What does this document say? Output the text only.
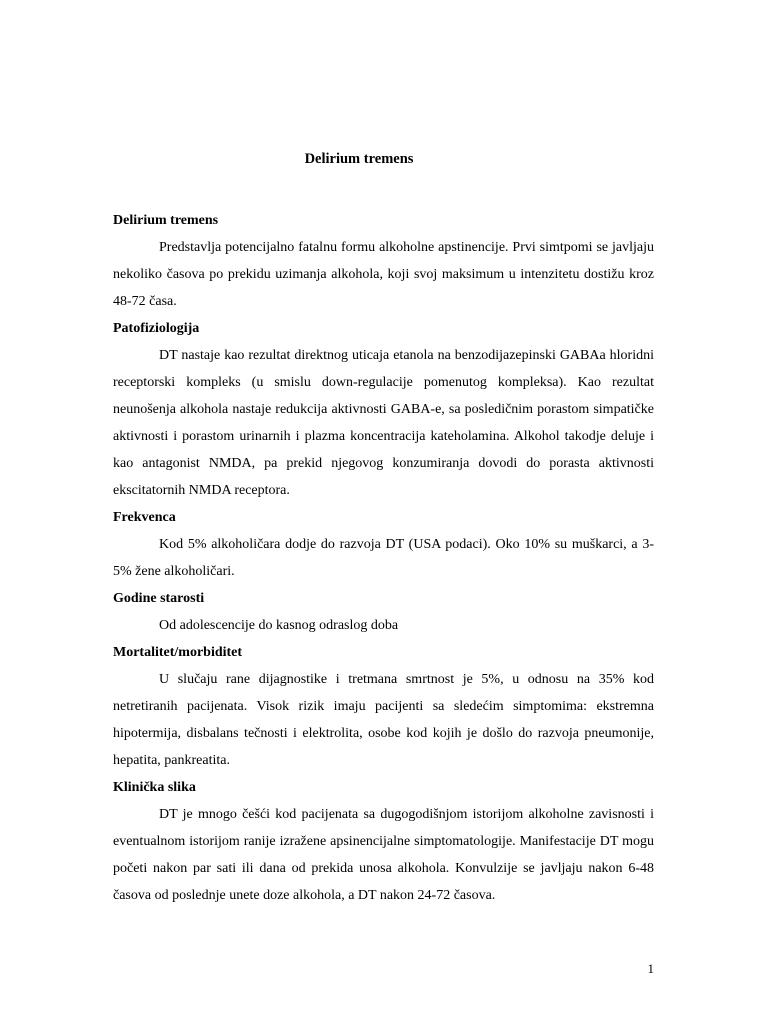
Delirium tremens

Delirium tremens

Predstavlja potencijalno fatalnu formu alkoholne apstinencije. Prvi simtpomi se javljaju nekoliko časova po prekidu uzimanja alkohola, koji svoj maksimum u intenzitetu dostižu kroz 48-72 časa.

Patofiziologija

DT nastaje kao rezultat direktnog uticaja etanola na benzodijazepinski GABAa hloridni receptorski kompleks (u smislu down-regulacije pomenutog kompleksa). Kao rezultat neunošenja alkohola nastaje redukcija aktivnosti GABA-e, sa posledičnim porastom simpatičke aktivnosti i porastom urinarnih i plazma koncentracija kateholamina. Alkohol takodje deluje i kao antagonist NMDA, pa prekid njegovog konzumiranja dovodi do porasta aktivnosti ekscitatornih NMDA receptora.

Frekvenca

Kod 5% alkoholičara dodje do razvoja DT (USA podaci). Oko 10% su muškarci, a 3-5% žene alkoholičari.

Godine starosti

Od adolescencije do kasnog odraslog doba

Mortalitet/morbiditet

U slučaju rane dijagnostike i tretmana smrtnost je 5%, u odnosu na 35% kod netretiranih pacijenata. Visok rizik imaju pacijenti sa sledećim simptomima: ekstremna hipotermija, disbalans tečnosti i elektrolita, osobe kod kojih je došlo do razvoja pneumonije, hepatita, pankreatita.

Klinička slika

DT je mnogo češći kod pacijenata sa dugogodišnjom istorijom alkoholne zavisnosti i eventualnom istorijom ranije izražene apsinencijalne simptomatologije. Manifestacije DT mogu početi nakon par sati ili dana od prekida unosa alkohola. Konvulzije se javljaju nakon 6-48 časova od poslednje unete doze alkohola, a DT nakon 24-72 časova.

1
